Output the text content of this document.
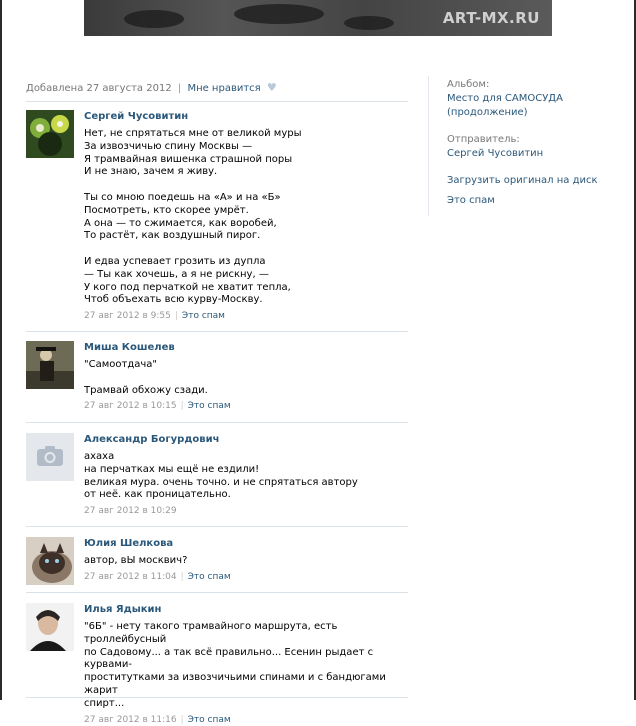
ART-MX.RU
Добавлена 27 августа 2012 | Мне нравится ♥	Альбом:
Место для САМОСУДА (продолжение)
Отправитель:
Сергей Чусовитин
Загрузить оригинал на диск
Это спам
Сергей Чусовитин
Нет, не спрятаться мне от великой муры
За извозчичью спину Москвы —
Я трамвайная вишенка страшной поры
И не знаю, зачем я живу.

Ты со мною поедешь на «А» и на «Б»
Посмотреть, кто скорее умрёт.
А она — то сжимается, как воробей,
То растёт, как воздушный пирог.

И едва успевает грозить из дупла
— Ты как хочешь, а я не рискну, —
У кого под перчаткой не хватит тепла,
Чтоб объехать всю курву-Москву.
27 авг 2012 в 9:55 | Это спам
Миша Кошелев
"Самоотдача"

Трамвай обхожу сзади.
27 авг 2012 в 10:15 | Это спам
Александр Богурдович
ахаха
на перчатках мы ещё не ездили!
великая мура. очень точно. и не спрятаться автору
от неё. как проницательно.
27 авг 2012 в 10:29
Юлия Шелкова
автор, вЫ москвич?
27 авг 2012 в 11:04 | Это спам
Илья Ядыкин
"6Б" - нету такого трамвайного маршрута, есть троллейбусный
по Садовому... а так всё правильно... Есенин рыдает с курвами-
проститутками за извозчичьими спинами и с бандюгами жарит
спирт...
27 авг 2012 в 11:16 | Это спам
